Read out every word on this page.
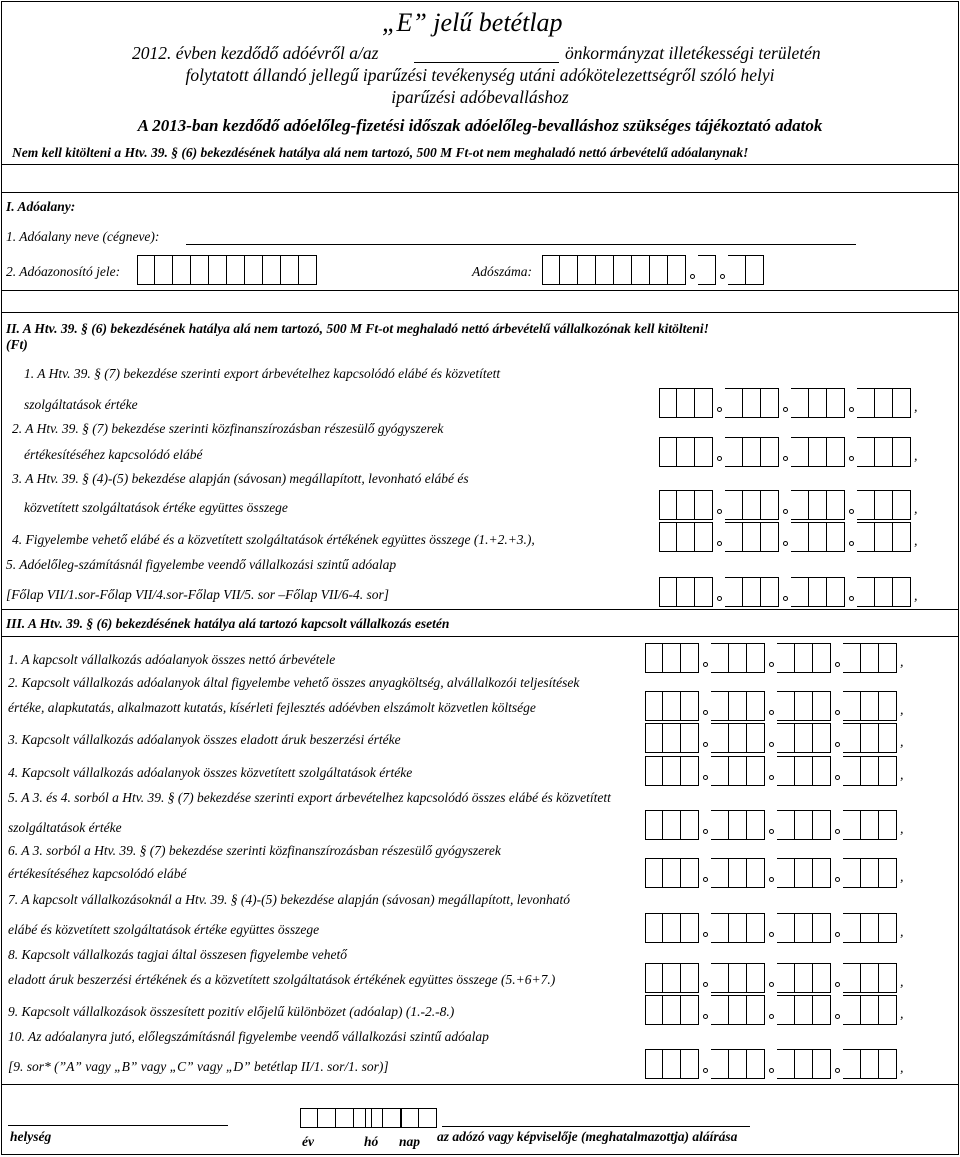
„E” jelű betétlap
2012. évben kezdődő adóévről a/az	önkormányzat illetékességi területén
folytatott állandó jellegű iparűzési tevékenység utáni adókötelezettségről szóló helyi
iparűzési adóbevalláshoz
A 2013-ban kezdődő adóelőleg-fizetési időszak adóelőleg-bevalláshoz szükséges tájékoztató adatok
Nem kell kitölteni a Htv. 39. § (6) bekezdésének hatálya alá nem tartozó, 500 M Ft-ot nem meghaladó nettó árbevételű adóalanynak!
I. Adóalany:
1. Adóalany neve (cégneve):
2. Adóazonosító jele:	Adószáma:
II. A Htv. 39. § (6) bekezdésének hatálya alá nem tartozó, 500 M Ft-ot meghaladó nettó árbevételű vállalkozónak kell kitölteni!
(Ft)
1. A Htv. 39. § (7) bekezdése szerinti export árbevételhez kapcsolódó elábé és közvetített
szolgáltatások értéke
,
2. A Htv. 39. § (7) bekezdése szerinti közfinanszírozásban részesülő gyógyszerek
értékesítéséhez kapcsolódó elábé
,
3. A Htv. 39. § (4)-(5) bekezdése alapján (sávosan) megállapított, levonható elábé és
közvetített szolgáltatások értéke együttes összege
,
4. Figyelembe vehető elábé és a közvetített szolgáltatások értékének együttes összege (1.+2.+3.),
,
5. Adóelőleg-számításnál figyelembe veendő vállalkozási szintű adóalap
[Főlap VII/1.sor-Főlap VII/4.sor-Főlap VII/5. sor –Főlap VII/6-4. sor]
,
III. A Htv. 39. § (6) bekezdésének hatálya alá tartozó kapcsolt vállalkozás esetén
1. A kapcsolt vállalkozás adóalanyok összes nettó árbevétele
,
2. Kapcsolt vállalkozás adóalanyok által figyelembe vehető összes anyagköltség, alvállalkozói teljesítések
értéke, alapkutatás, alkalmazott kutatás, kísérleti fejlesztés adóévben elszámolt közvetlen költsége
,
3. Kapcsolt vállalkozás adóalanyok összes eladott áruk beszerzési értéke
,
4. Kapcsolt vállalkozás adóalanyok összes közvetített szolgáltatások értéke
,
5. A 3. és 4. sorból a Htv. 39. § (7) bekezdése szerinti export árbevételhez kapcsolódó összes elábé és közvetített
szolgáltatások értéke
,
6. A 3. sorból a Htv. 39. § (7) bekezdése szerinti közfinanszírozásban részesülő gyógyszerek
értékesítéséhez kapcsolódó elábé
,
7. A kapcsolt vállalkozásoknál a Htv. 39. § (4)-(5) bekezdése alapján (sávosan) megállapított, levonható
elábé és közvetített szolgáltatások értéke együttes összege
,
8. Kapcsolt vállalkozás tagjai által összesen figyelembe vehető
eladott áruk beszerzési értékének és a közvetített szolgáltatások értékének együttes összege (5.+6+7.)
,
9. Kapcsolt vállalkozások összesített pozitív előjelű különbözet (adóalap) (1.-2.-8.)
,
10. Az adóalanyra jutó, előlegszámításnál figyelembe veendő vállalkozási szintű adóalap
[9. sor* (”A” vagy „B” vagy „C” vagy „D” betétlap II/1. sor/1. sor)]
,
helység	év	hó nap az adózó vagy képviselője (meghatalmazottja) aláírása
